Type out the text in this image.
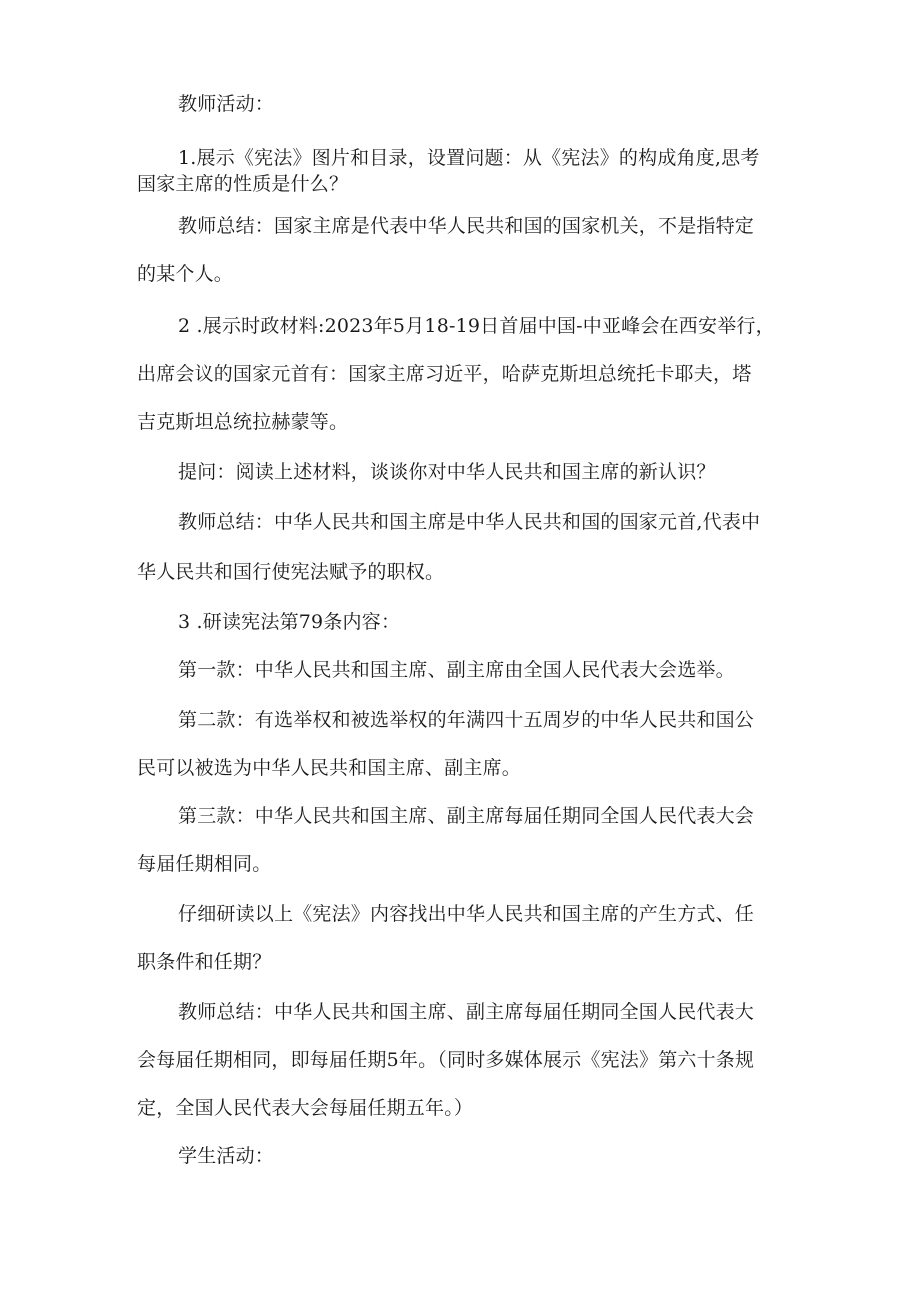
教师活动：
1.展示《宪法》图片和目录，设置问题：从《宪法》的构成角度,思考
国家主席的性质是什么？
教师总结：国家主席是代表中华人民共和国的国家机关，不是指特定
的某个人。
2 .展示时政材料:2023年5月18-19日首届中国-中亚峰会在西安举行，
出席会议的国家元首有：国家主席习近平，哈萨克斯坦总统托卡耶夫，塔
吉克斯坦总统拉赫蒙等。
提问：阅读上述材料，谈谈你对中华人民共和国主席的新认识？
教师总结：中华人民共和国主席是中华人民共和国的国家元首,代表中
华人民共和国行使宪法赋予的职权。
3 .研读宪法第79条内容：
第一款：中华人民共和国主席、副主席由全国人民代表大会选举。
第二款：有选举权和被选举权的年满四十五周岁的中华人民共和国公
民可以被选为中华人民共和国主席、副主席。
第三款：中华人民共和国主席、副主席每届任期同全国人民代表大会
每届任期相同。
仔细研读以上《宪法》内容找出中华人民共和国主席的产生方式、任
职条件和任期？
教师总结：中华人民共和国主席、副主席每届任期同全国人民代表大
会每届任期相同，即每届任期5年。（同时多媒体展示《宪法》第六十条规
定，全国人民代表大会每届任期五年。）
学生活动：
